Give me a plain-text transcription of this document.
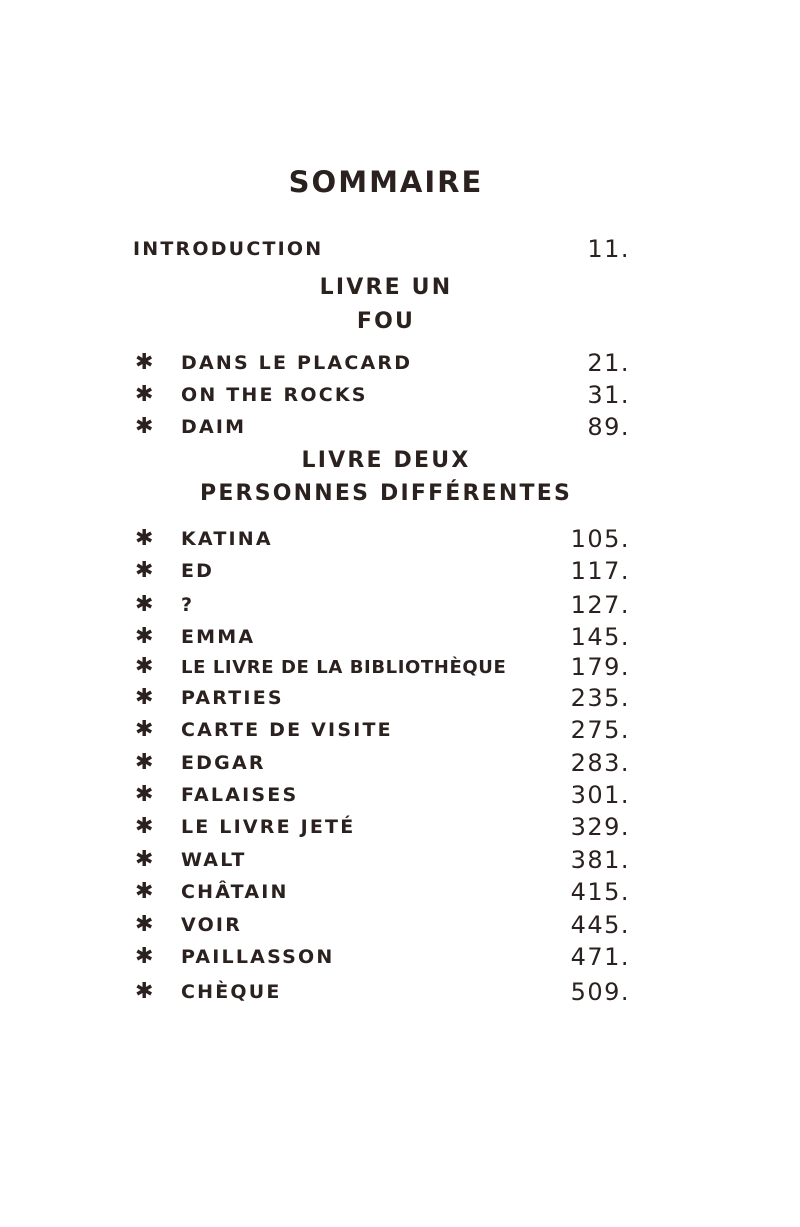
SOMMAIRE
INTRODUCTION	11.
LIVRE UN
FOU
✱	DANS LE PLACARD	21.
✱	ON THE ROCKS	31.
✱	DAIM	89.
LIVRE DEUX
PERSONNES DIFFÉRENTES
✱	KATINA	105.
✱	ED	117.
✱	?	127.
✱	EMMA	145.
✱	LE LIVRE DE LA BIBLIOTHÈQUE	179.
✱	PARTIES	235.
✱	CARTE DE VISITE	275.
✱	EDGAR	283.
✱	FALAISES	301.
✱	LE LIVRE JETÉ	329.
✱	WALT	381.
✱	CHÂTAIN	415.
✱	VOIR	445.
✱	PAILLASSON	471.
✱	CHÈQUE	509.
